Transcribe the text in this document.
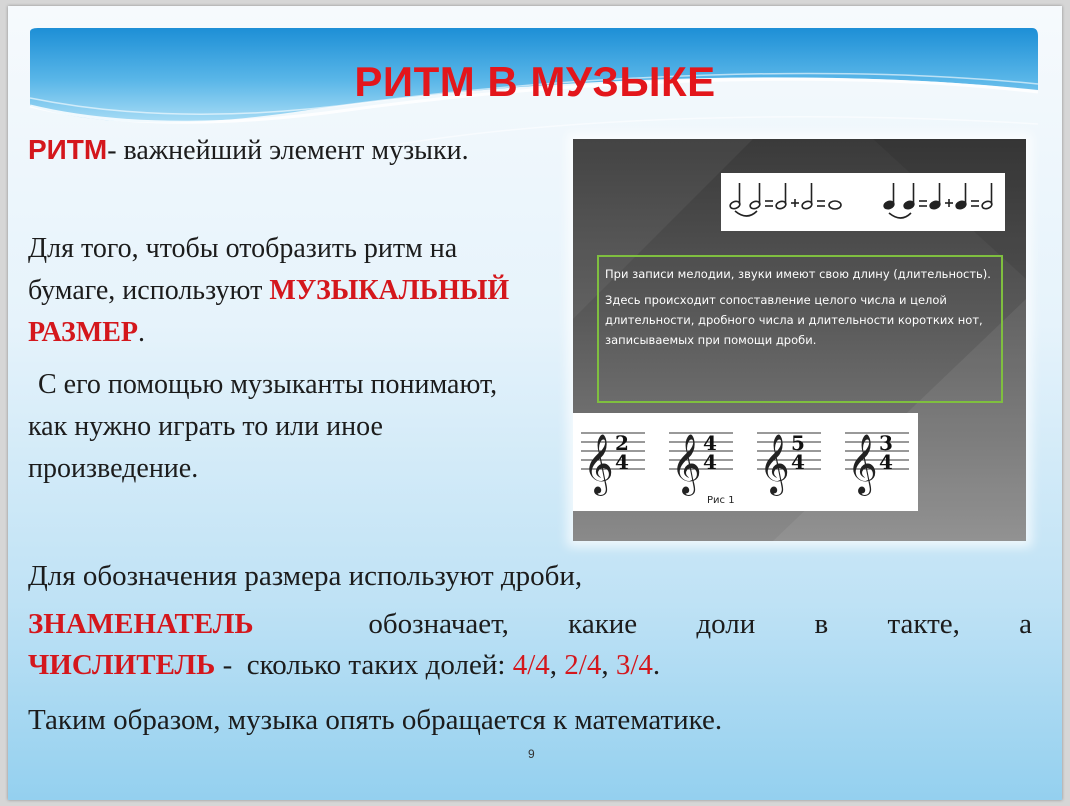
РИТМ В МУЗЫКЕ

РИТМ- важнейший элемент музыки.

Для того, чтобы отобразить ритм на бумаге, используют МУЗЫКАЛЬНЫЙ РАЗМЕР.

С его помощью музыканты понимают, как нужно играть то или иное произведение.

При записи мелодии, звуки имеют свою длину (длительность).

Здесь происходит сопоставление целого числа и целой длительности, дробного числа и длительности коротких нот, записываемых при помощи дроби.

𝄞 2
4 𝄞 4
4 𝄞 5
4 𝄞 3
4
Рис 1

Для обозначения размера используют дроби,

ЗНАМЕНАТЕЛЬ	обозначает, какие доли в такте, а
ЧИСЛИТЕЛЬ -  сколько таких долей: 4/4, 2/4, 3/4.

Таким образом, музыка опять обращается к математике.

9
